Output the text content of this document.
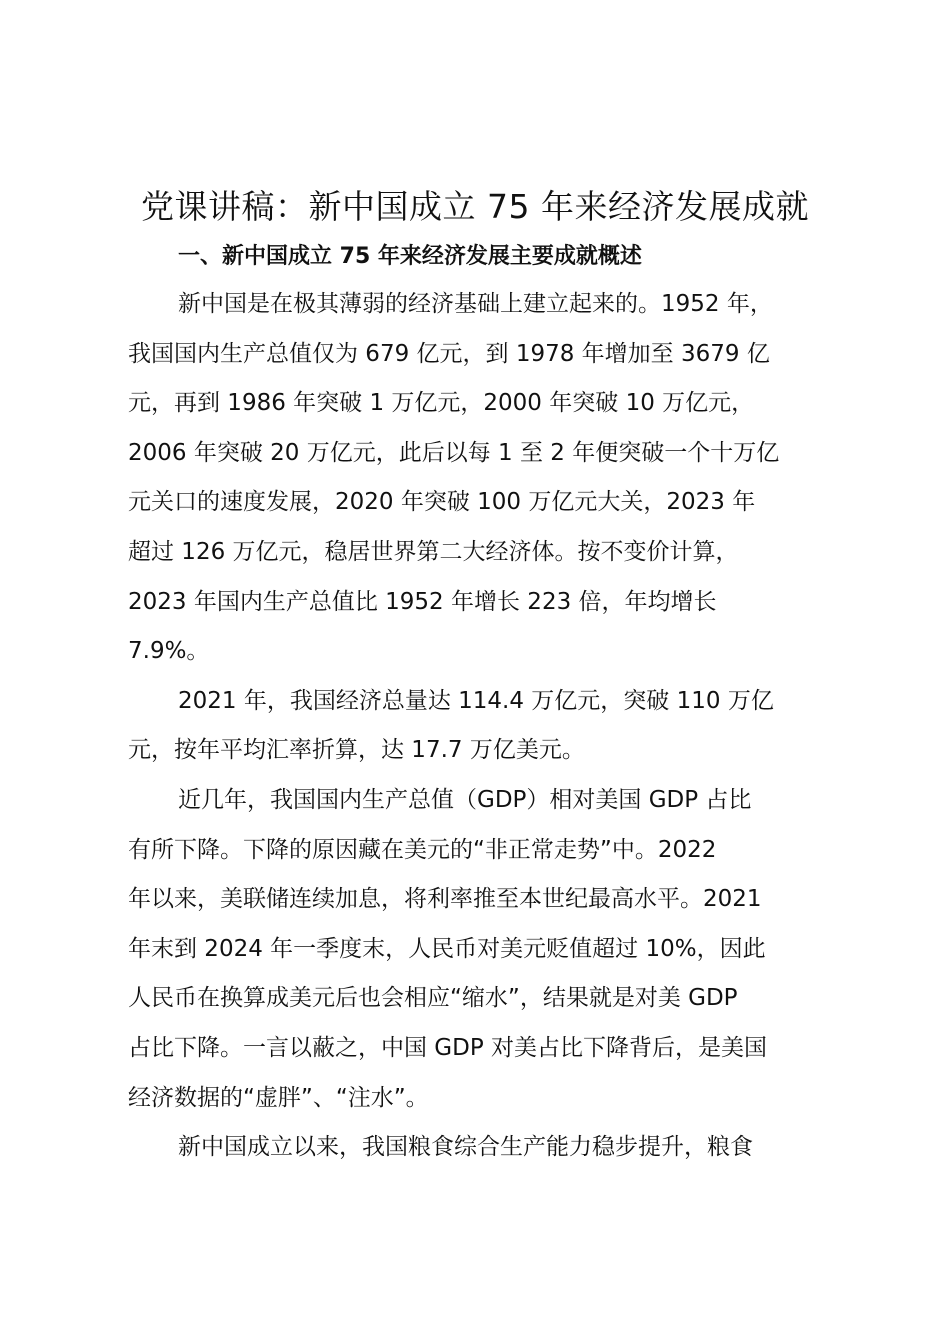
党课讲稿：新中国成立 75 年来经济发展成就
一、新中国成立 75 年来经济发展主要成就概述

新中国是在极其薄弱的经济基础上建立起来的。1952 年，

我国国内生产总值仅为 679 亿元，到 1978 年增加至 3679 亿

元，再到 1986 年突破 1 万亿元，2000 年突破 10 万亿元，

2006 年突破 20 万亿元，此后以每 1 至 2 年便突破一个十万亿

元关口的速度发展，2020 年突破 100 万亿元大关，2023 年

超过 126 万亿元，稳居世界第二大经济体。按不变价计算，

2023 年国内生产总值比 1952 年增长 223 倍，年均增长

7.9%。

2021 年，我国经济总量达 114.4 万亿元，突破 110 万亿

元，按年平均汇率折算，达 17.7 万亿美元。

近几年，我国国内生产总值（GDP）相对美国 GDP 占比

有所下降。下降的原因藏在美元的“非正常走势”中。2022

年以来，美联储连续加息，将利率推至本世纪最高水平。2021

年末到 2024 年一季度末，人民币对美元贬值超过 10%，因此

人民币在换算成美元后也会相应“缩水”，结果就是对美 GDP

占比下降。一言以蔽之，中国 GDP 对美占比下降背后，是美国

经济数据的“虚胖”、“注水”。

新中国成立以来，我国粮食综合生产能力稳步提升，粮食
